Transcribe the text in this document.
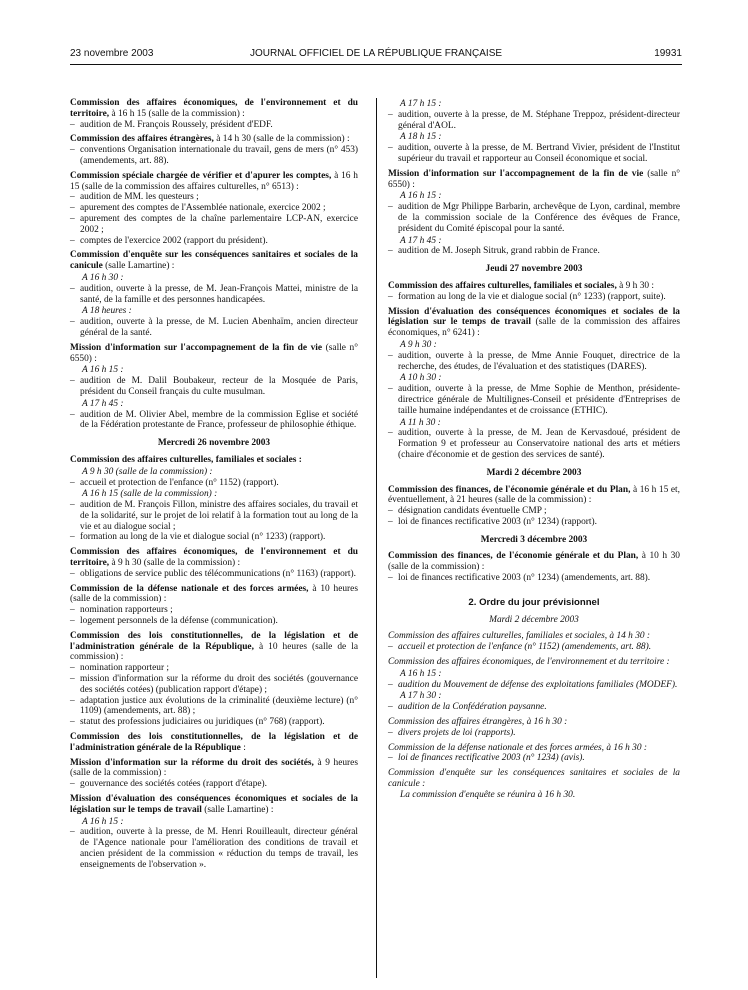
23 novembre 2003	JOURNAL OFFICIEL DE LA RÉPUBLIQUE FRANÇAISE	19931

Commission des affaires économiques, de l'environnement et du territoire, à 16 h 15 (salle de la commission) :

– audition de M. François Roussely, président d'EDF.

Commission des affaires étrangères, à 14 h 30 (salle de la commission) :

– conventions Organisation internationale du travail, gens de mers (n° 453) (amendements, art. 88).

Commission spéciale chargée de vérifier et d'apurer les comptes, à 16 h 15 (salle de la commission des affaires culturelles, n° 6513) :

– audition de MM. les questeurs ;
– apurement des comptes de l'Assemblée nationale, exercice 2002 ;
– apurement des comptes de la chaîne parlementaire LCP-AN, exercice 2002 ;
– comptes de l'exercice 2002 (rapport du président).

Commission d'enquête sur les conséquences sanitaires et sociales de la canicule (salle Lamartine) :

A 16 h 30 :
– audition, ouverte à la presse, de M. Jean-François Mattei, ministre de la santé, de la famille et des personnes handicapées.
A 18 heures :
– audition, ouverte à la presse, de M. Lucien Abenhaïm, ancien directeur général de la santé.

Mission d'information sur l'accompagnement de la fin de vie (salle n° 6550) :

A 16 h 15 :
– audition de M. Dalil Boubakeur, recteur de la Mosquée de Paris, président du Conseil français du culte musulman.
A 17 h 45 :
– audition de M. Olivier Abel, membre de la commission Eglise et société de la Fédération protestante de France, professeur de philosophie éthique.
Mercredi 26 novembre 2003

Commission des affaires culturelles, familiales et sociales :

A 9 h 30 (salle de la commission) :
– accueil et protection de l'enfance (n° 1152) (rapport).
A 16 h 15 (salle de la commission) :
– audition de M. François Fillon, ministre des affaires sociales, du travail et de la solidarité, sur le projet de loi relatif à la formation tout au long de la vie et au dialogue social ;
– formation au long de la vie et dialogue social (n° 1233) (rapport).

Commission des affaires économiques, de l'environnement et du territoire, à 9 h 30 (salle de la commission) :

– obligations de service public des télécommunications (n° 1163) (rapport).

Commission de la défense nationale et des forces armées, à 10 heures (salle de la commission) :

– nomination rapporteurs ;
– logement personnels de la défense (communication).

Commission des lois constitutionnelles, de la législation et de l'administration générale de la République, à 10 heures (salle de la commission) :

– nomination rapporteur ;
– mission d'information sur la réforme du droit des sociétés (gouvernance des sociétés cotées) (publication rapport d'étape) ;
– adaptation justice aux évolutions de la criminalité (deuxième lecture) (n° 1109) (amendements, art. 88) ;
– statut des professions judiciaires ou juridiques (n° 768) (rapport).

Commission des lois constitutionnelles, de la législation et de l'administration générale de la République :

Mission d'information sur la réforme du droit des sociétés, à 9 heures (salle de la commission) :

– gouvernance des sociétés cotées (rapport d'étape).

Mission d'évaluation des conséquences économiques et sociales de la législation sur le temps de travail (salle Lamartine) :

A 16 h 15 :
– audition, ouverte à la presse, de M. Henri Rouilleault, directeur général de l'Agence nationale pour l'amélioration des conditions de travail et ancien président de la commission « réduction du temps de travail, les enseignements de l'observation ».
A 17 h 15 :
– audition, ouverte à la presse, de M. Stéphane Treppoz, président-directeur général d'AOL.
A 18 h 15 :
– audition, ouverte à la presse, de M. Bertrand Vivier, président de l'Institut supérieur du travail et rapporteur au Conseil économique et social.

Mission d'information sur l'accompagnement de la fin de vie (salle n° 6550) :

A 16 h 15 :
– audition de Mgr Philippe Barbarin, archevêque de Lyon, cardinal, membre de la commission sociale de la Conférence des évêques de France, président du Comité épiscopal pour la santé.
A 17 h 45 :
– audition de M. Joseph Sitruk, grand rabbin de France.
Jeudi 27 novembre 2003

Commission des affaires culturelles, familiales et sociales, à 9 h 30 :

– formation au long de la vie et dialogue social (n° 1233) (rapport, suite).

Mission d'évaluation des conséquences économiques et sociales de la législation sur le temps de travail (salle de la commission des affaires économiques, n° 6241) :

A 9 h 30 :
– audition, ouverte à la presse, de Mme Annie Fouquet, directrice de la recherche, des études, de l'évaluation et des statistiques (DARES).
A 10 h 30 :
– audition, ouverte à la presse, de Mme Sophie de Menthon, présidente-directrice générale de Multilignes-Conseil et présidente d'Entreprises de taille humaine indépendantes et de croissance (ETHIC).
A 11 h 30 :
– audition, ouverte à la presse, de M. Jean de Kervasdoué, président de Formation 9 et professeur au Conservatoire national des arts et métiers (chaire d'économie et de gestion des services de santé).
Mardi 2 décembre 2003

Commission des finances, de l'économie générale et du Plan, à 16 h 15 et, éventuellement, à 21 heures (salle de la commission) :

– désignation candidats éventuelle CMP ;
– loi de finances rectificative 2003 (n° 1234) (rapport).
Mercredi 3 décembre 2003

Commission des finances, de l'économie générale et du Plan, à 10 h 30 (salle de la commission) :

– loi de finances rectificative 2003 (n° 1234) (amendements, art. 88).
2. Ordre du jour prévisionnel
Mardi 2 décembre 2003

Commission des affaires culturelles, familiales et sociales, à 14 h 30 :

– accueil et protection de l'enfance (n° 1152) (amendements, art. 88).

Commission des affaires économiques, de l'environnement et du territoire :

A 16 h 15 :
– audition du Mouvement de défense des exploitations familiales (MODEF).
A 17 h 30 :
– audition de la Confédération paysanne.

Commission des affaires étrangères, à 16 h 30 :

– divers projets de loi (rapports).

Commission de la défense nationale et des forces armées, à 16 h 30 :

– loi de finances rectificative 2003 (n° 1234) (avis).

Commission d'enquête sur les conséquences sanitaires et sociales de la canicule :

La commission d'enquête se réunira à 16 h 30.
